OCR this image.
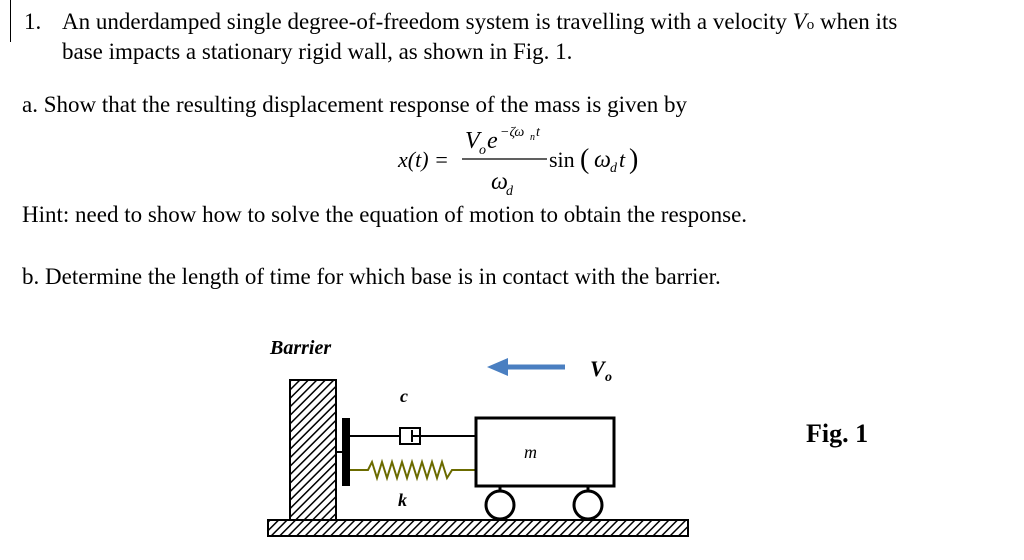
1. An underdamped single degree-of-freedom system is travelling with a velocity Vo when its
base impacts a stationary rigid wall, as shown in Fig. 1.
a. Show that the resulting displacement response of the mass is given by
x(t) =
V o e −ζω n t
ω
d
sin ( ω d t )
Hint: need to show how to solve the equation of motion to obtain the response.
b. Determine the length of time for which base is in contact with the barrier.
Barrier
c
k
m
V o
Fig. 1
